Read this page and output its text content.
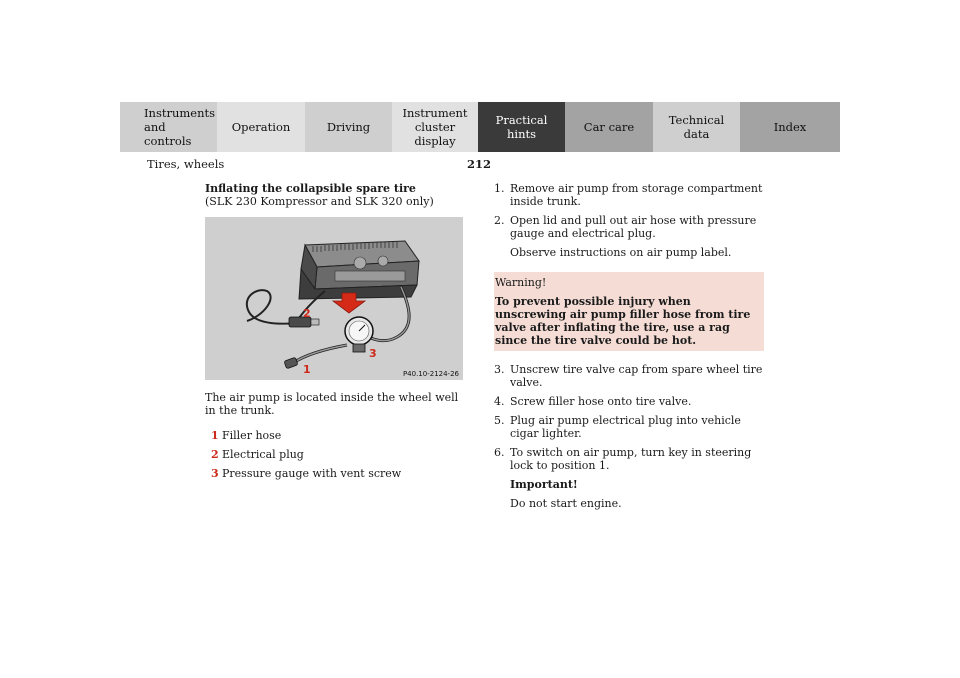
Instruments
and controls
Operation	Driving
Instrument
cluster display
Practical hints	Car care	Technical
data	Index
Tires, wheels	212
Inflating the collapsible spare tire
(SLK 230 Kompressor and SLK 320 only)
2
3
1	P40.10-2124-26
The air pump is located inside the wheel well in the trunk.
1 Filler hose
2 Electrical plug
3 Pressure gauge with vent screw
1. Remove air pump from storage compartment inside trunk.
2. Open lid and pull out air hose with pressure gauge and electrical plug.
Observe instructions on air pump label.
Warning!
To prevent possible injury when unscrewing air pump filler hose from tire valve after inflating the tire, use a rag since the tire valve could be hot.
3. Unscrew tire valve cap from spare wheel tire valve.
4. Screw filler hose onto tire valve.
5. Plug air pump electrical plug into vehicle cigar lighter.
6. To switch on air pump, turn key in steering lock to position 1.
Important!
Do not start engine.
